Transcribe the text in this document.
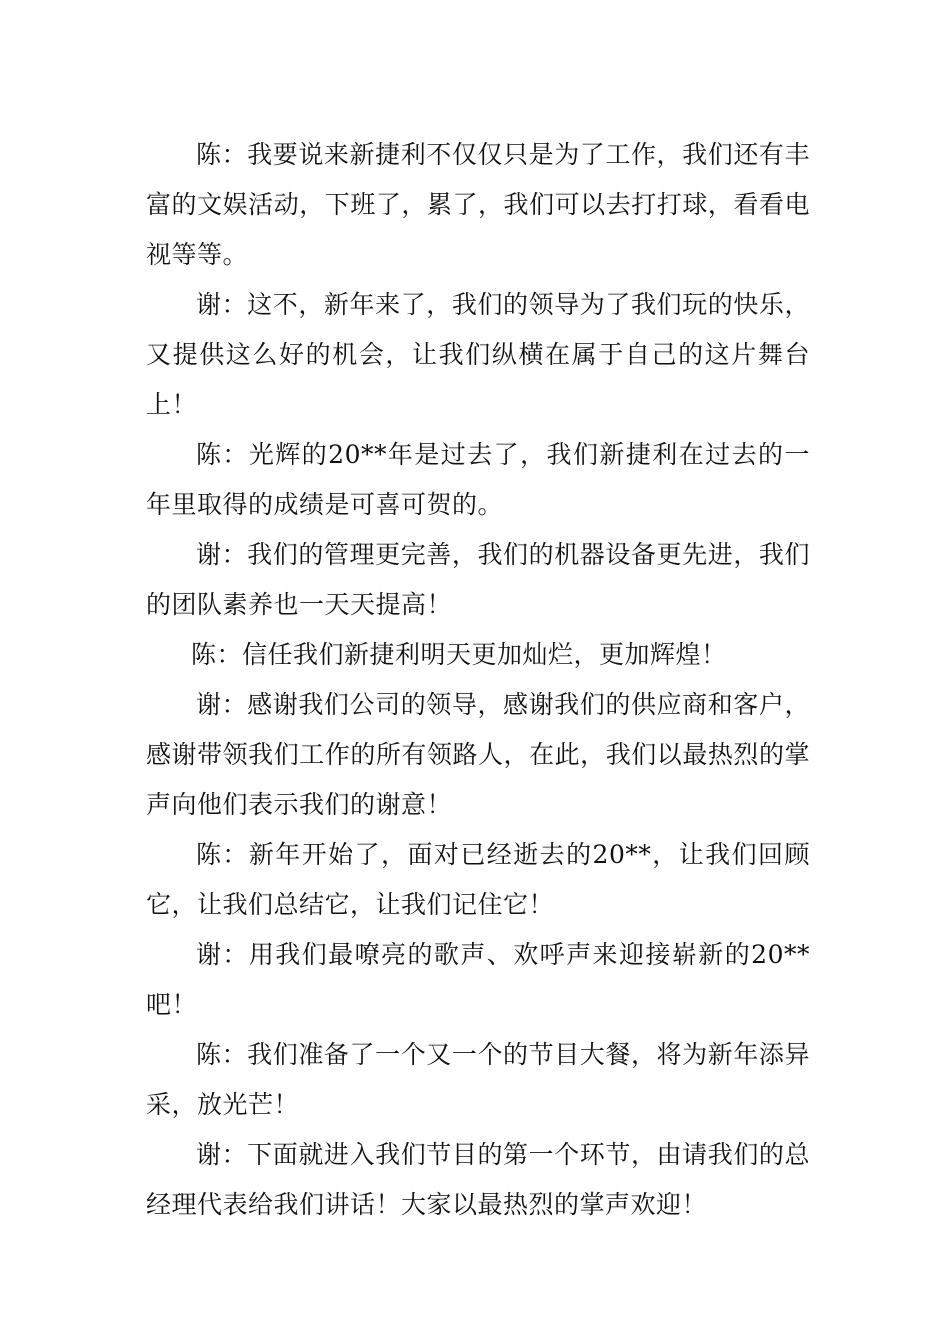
陈：我要说来新捷利不仅仅只是为了工作，我们还有丰富的文娱活动，下班了，累了，我们可以去打打球，看看电视等等。

谢：这不，新年来了，我们的领导为了我们玩的快乐，又提供这么好的机会，让我们纵横在属于自己的这片舞台上！

陈：光辉的20**年是过去了，我们新捷利在过去的一年里取得的成绩是可喜可贺的。

谢：我们的管理更完善，我们的机器设备更先进，我们的团队素养也一天天提高！

陈：信任我们新捷利明天更加灿烂，更加辉煌！

谢：感谢我们公司的领导，感谢我们的供应商和客户，感谢带领我们工作的所有领路人，在此，我们以最热烈的掌声向他们表示我们的谢意！

陈：新年开始了，面对已经逝去的20**，让我们回顾它，让我们总结它，让我们记住它！

谢：用我们最嘹亮的歌声、欢呼声来迎接崭新的20**吧！

陈：我们准备了一个又一个的节目大餐，将为新年添异采，放光芒！

谢：下面就进入我们节目的第一个环节，由请我们的总经理代表给我们讲话！大家以最热烈的掌声欢迎！
